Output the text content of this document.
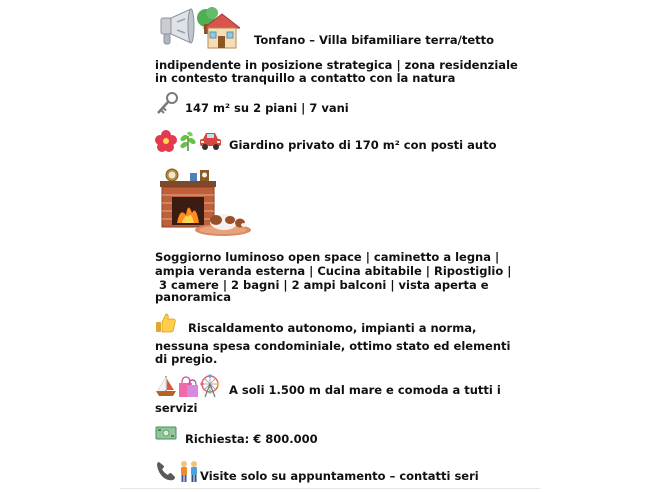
Tonfano – Villa bifamiliare terra/tetto
indipendente in posizione strategica | zona residenziale
in contesto tranquillo a contatto con la natura
147 m² su 2 piani | 7 vani
Giardino privato di 170 m² con posti auto
Soggiorno luminoso open space | caminetto a legna |
ampia veranda esterna | Cucina abitabile | Ripostiglio |
3 camere | 2 bagni | 2 ampi balconi | vista aperta e
panoramica
Riscaldamento autonomo, impianti a norma,
nessuna spesa condominiale, ottimo stato ed elementi
di pregio.
A soli 1.500 m dal mare e comoda a tutti i
servizi
Richiesta: € 800.000
Visite solo su appuntamento – contatti seri
